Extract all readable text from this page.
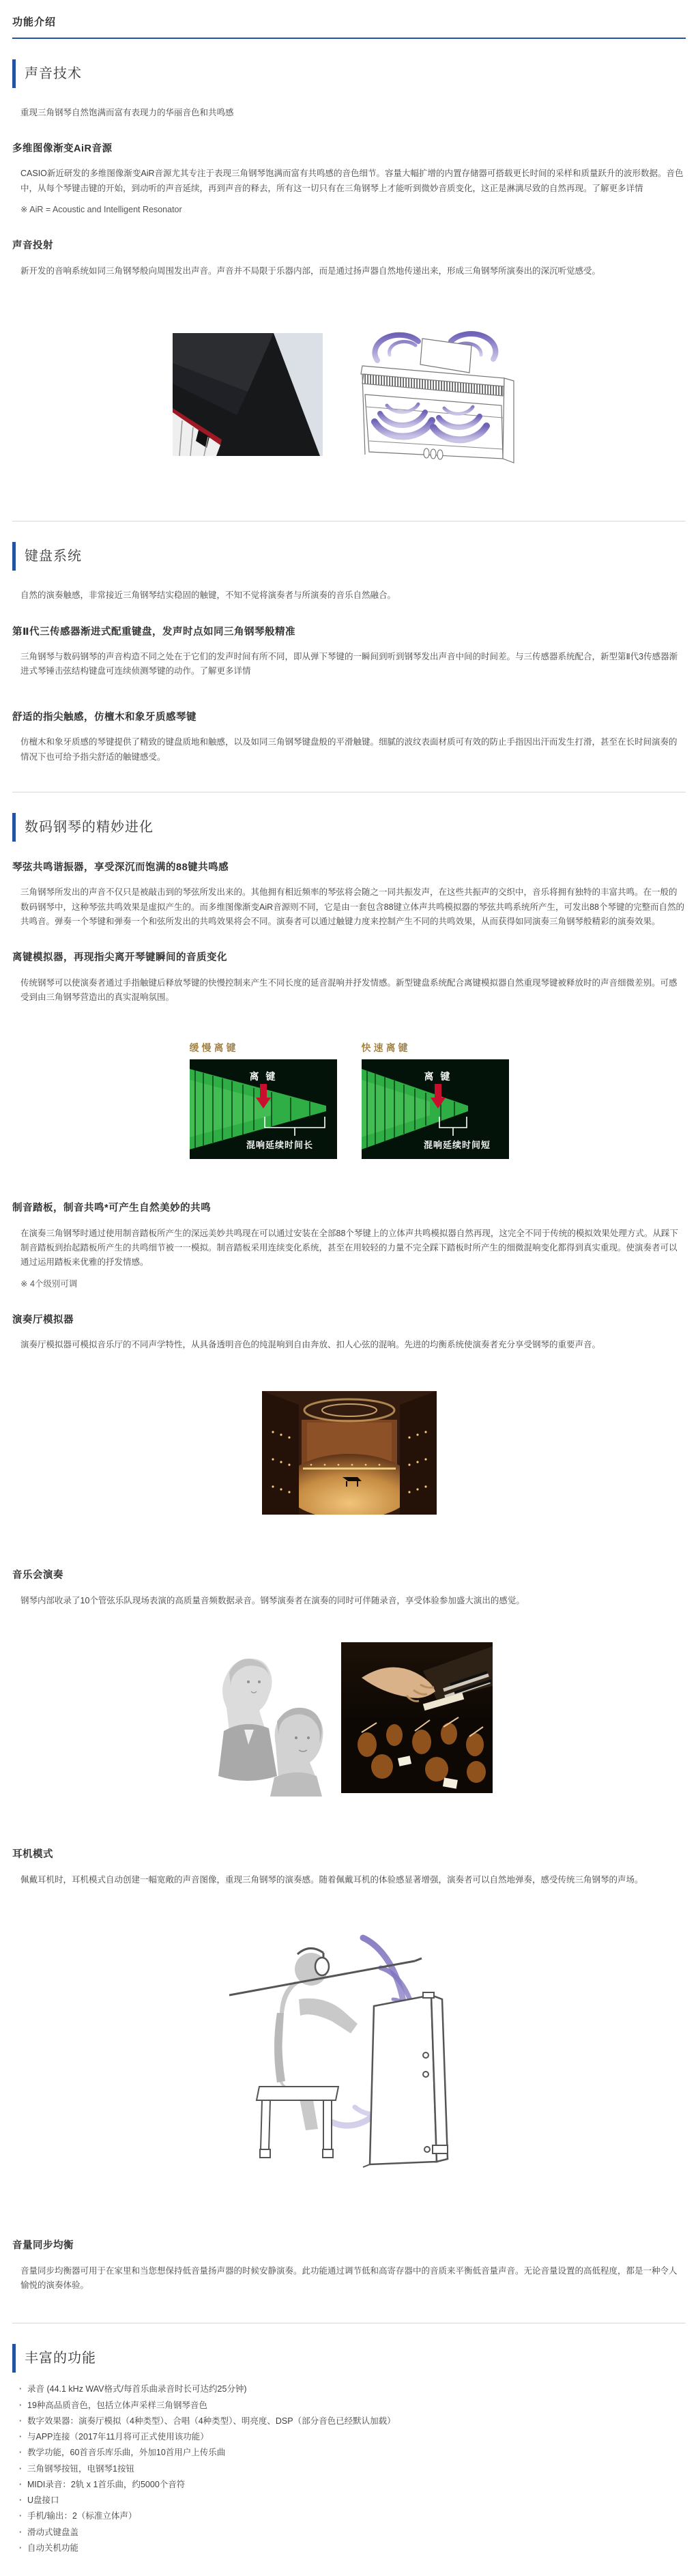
功能介绍
声音技术

重现三角钢琴自然饱满而富有表现力的华丽音色和共鸣感

多维图像渐变AiR音源

CASIO新近研发的多维图像渐变AiR音源尤其专注于表现三角钢琴饱满而富有共鸣感的音色细节。容量大幅扩增的内置存储器可搭载更长时间的采样和质量跃升的波形数据。音色中，从每个琴键击键的开始，到动听的声音延续，再到声音的释去，所有这一切只有在三角钢琴上才能听到微妙音质变化，这正是淋漓尽致的自然再现。了解更多详情

※ AiR = Acoustic and Intelligent Resonator

声音投射

新开发的音响系统如同三角钢琴般向周围发出声音。声音并不局限于乐器内部，而是通过扬声器自然地传递出来，形成三角钢琴所演奏出的深沉听觉感受。

键盘系统

自然的演奏触感，非常接近三角钢琴结实稳固的触键，不知不觉将演奏者与所演奏的音乐自然融合。

第Ⅱ代三传感器渐进式配重键盘，发声时点如同三角钢琴般精准

三角钢琴与数码钢琴的声音构造不同之处在于它们的发声时间有所不同，即从弹下琴键的一瞬间到听到钢琴发出声音中间的时间差。与三传感器系统配合，新型第Ⅱ代3传感器渐进式琴锤击弦结构键盘可连续侦测琴键的动作。了解更多详情

舒适的指尖触感，仿檀木和象牙质感琴键

仿檀木和象牙质感的琴键提供了精致的键盘质地和触感，以及如同三角钢琴键盘般的平滑触键。细腻的波纹表面材质可有效的防止手指因出汗而发生打滑，甚至在长时间演奏的情况下也可给予指尖舒适的触键感受。

数码钢琴的精妙进化
琴弦共鸣谐振器，享受深沉而饱满的88键共鸣感

三角钢琴所发出的声音不仅只是被敲击到的琴弦所发出来的。其他拥有相近频率的琴弦将会随之一同共振发声，在这些共振声的交织中，音乐将拥有独特的丰富共鸣。在一般的数码钢琴中，这种琴弦共鸣效果是虚拟产生的。而多维图像渐变AiR音源则不同，它是由一套包含88键立体声共鸣模拟器的琴弦共鸣系统所产生，可发出88个琴键的完整而自然的共鸣音。弹奏一个琴键和弹奏一个和弦所发出的共鸣效果将会不同。演奏者可以通过触键力度来控制产生不同的共鸣效果，从而获得如同演奏三角钢琴般精彩的演奏效果。

离键模拟器，再现指尖离开琴键瞬间的音质变化

传统钢琴可以使演奏者通过手指触键后释放琴键的快慢控制来产生不同长度的延音混响并抒发情感。新型键盘系统配合离键模拟器自然重现琴键被释放时的声音细微差别。可感受到由三角钢琴营造出的真实混响氛围。

缓慢离键
离 键
混响延续时间长
快速离键
离 键
混响延续时间短
制音踏板，制音共鸣*可产生自然美妙的共鸣

在演奏三角钢琴时通过使用制音踏板所产生的深远美妙共鸣现在可以通过安装在全部88个琴键上的立体声共鸣模拟器自然再现，这完全不同于传统的模拟效果处理方式。从踩下制音踏板到抬起踏板所产生的共鸣细节被一一模拟。制音踏板采用连续变化系统，甚至在用较轻的力量不完全踩下踏板时所产生的细微混响变化都得到真实重现。使演奏者可以通过运用踏板来优雅的抒发情感。

※ 4个级别可调

演奏厅模拟器

演奏厅模拟器可模拟音乐厅的不同声学特性，从具备透明音色的纯混响到自由奔放、扣人心弦的混响。先进的均衡系统使演奏者充分享受钢琴的重要声音。

音乐会演奏

钢琴内部收录了10个管弦乐队现场表演的高质量音频数据录音。钢琴演奏者在演奏的同时可伴随录音，享受体验参加盛大演出的感觉。

耳机模式

佩戴耳机时，耳机模式自动创建一幅宽敞的声音图像，重现三角钢琴的演奏感。随着佩戴耳机的体验感显著增强，演奏者可以自然地弹奏，感受传统三角钢琴的声场。

音量同步均衡

音量同步均衡器可用于在家里和当您想保持低音量扬声器的时候安静演奏。此功能通过调节低和高寄存器中的音质来平衡低音量声音。无论音量设置的高低程度，都是一种令人愉悦的演奏体验。

丰富的功能
· 录音 (44.1 kHz WAV格式/每首乐曲录音时长可达约25分钟)
· 19种高品质音色，包括立体声采样三角钢琴音色
· 数字效果器：演奏厅模拟（4种类型）、合唱（4种类型）、明亮度、DSP（部分音色已经默认加载）
· 与APP连接（2017年11月将可正式使用该功能）
· 教学功能，60首音乐库乐曲，外加10首用户上传乐曲
· 三角钢琴按钮，电钢琴1按钮
· MIDI录音：2轨 x 1首乐曲，约5000个音符
· U盘接口
· 手机/输出：2（标准立体声）
· 滑动式键盘盖
· 自动关机功能
